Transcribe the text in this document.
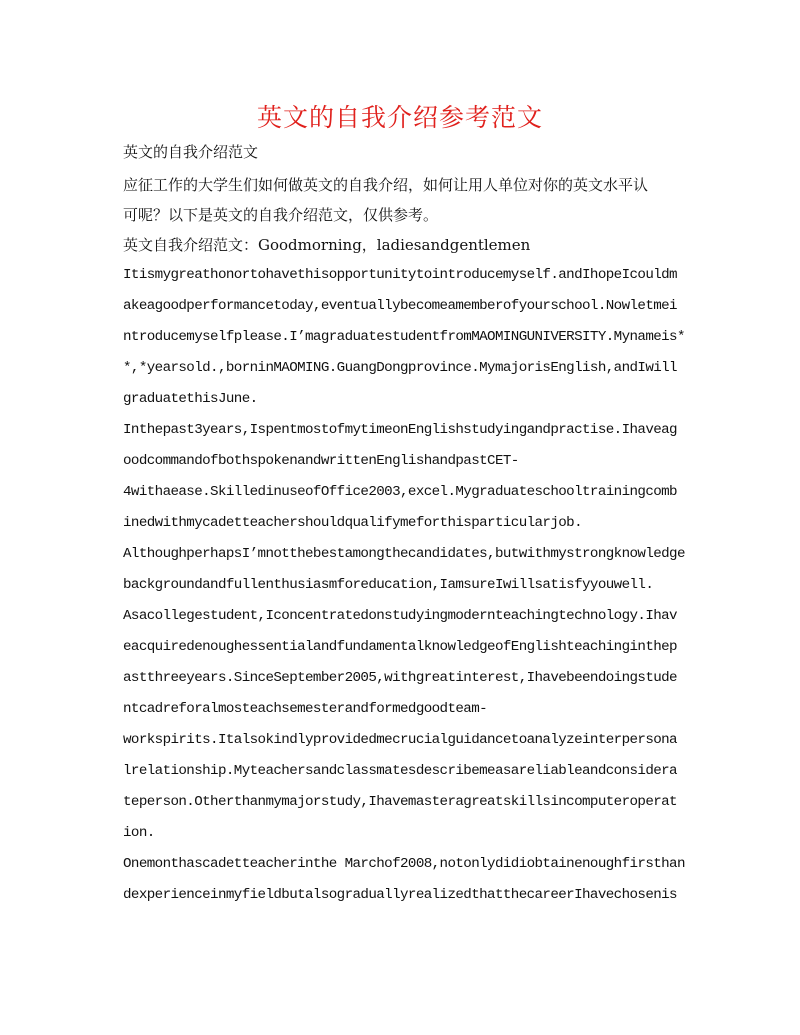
英文的自我介绍参考范文
英文的自我介绍范文
应征工作的大学生们如何做英文的自我介绍，如何让用人单位对你的英文水平认
可呢？以下是英文的自我介绍范文，仅供参考。
英文自我介绍范文：Goodmorning，ladiesandgentlemen
Itismygreathonortohavethisopportunitytointroducemyself.andIhopeIcouldm
akeagoodperformancetoday,eventuallybecomeamemberofyourschool.Nowletmei
ntroducemyselfplease.I’magraduatestudentfromMAOMINGUNIVERSITY.Mynameis*
*,*yearsold.,borninMAOMING.GuangDongprovince.MymajorisEnglish,andIwill
graduatethisJune.
Inthepast3years,IspentmostofmytimeonEnglishstudyingandpractise.Ihaveag
oodcommandofbothspokenandwrittenEnglishandpastCET-
4withaease.SkilledinuseofOffice2003,excel.Mygraduateschooltrainingcomb
inedwithmycadetteachershouldqualifymeforthisparticularjob.
AlthoughperhapsI’mnotthebestamongthecandidates,butwithmystrongknowledge
backgroundandfullenthusiasmforeducation,IamsureIwillsatisfyyouwell.
Asacollegestudent,Iconcentratedonstudyingmodernteachingtechnology.Ihav
eacquiredenoughessentialandfundamentalknowledgeofEnglishteachinginthep
astthreeyears.SinceSeptember2005,withgreatinterest,Ihavebeendoingstude
ntcadreforalmosteachsemesterandformedgoodteam-
workspirits.Italsokindlyprovidedmecrucialguidancetoanalyzeinterpersona
lrelationship.Myteachersandclassmatesdescribemeasareliableandconsidera
teperson.Otherthanmymajorstudy,Ihavemasteragreatskillsincomputeroperat
ion.
Onemonthascadetteacherinthe Marchof2008,notonlydidiobtainenoughfirsthan
dexperienceinmyfieldbutalsograduallyrealizedthatthecareerIhavechosenis
